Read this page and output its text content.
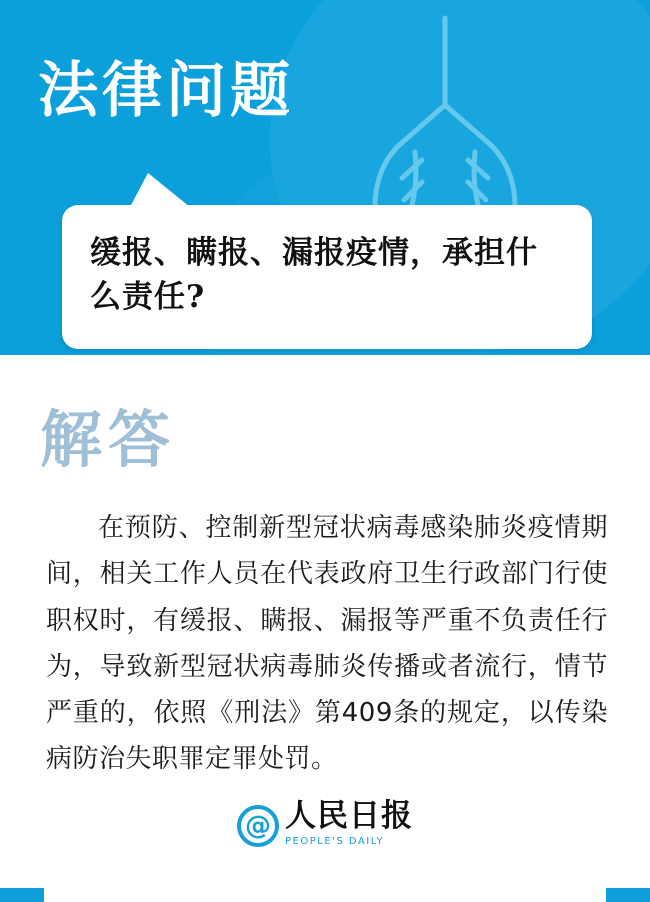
法律问题
缓报、瞒报、漏报疫情，承担什么责任?
解答
在预防、控制新型冠状病毒感染肺炎疫情期间，相关工作人员在代表政府卫生行政部门行使职权时，有缓报、瞒报、漏报等严重不负责任行为，导致新型冠状病毒肺炎传播或者流行，情节严重的，依照《刑法》第409条的规定，以传染病防治失职罪定罪处罚。
@ 人民日报
PEOPLE'S DAILY
